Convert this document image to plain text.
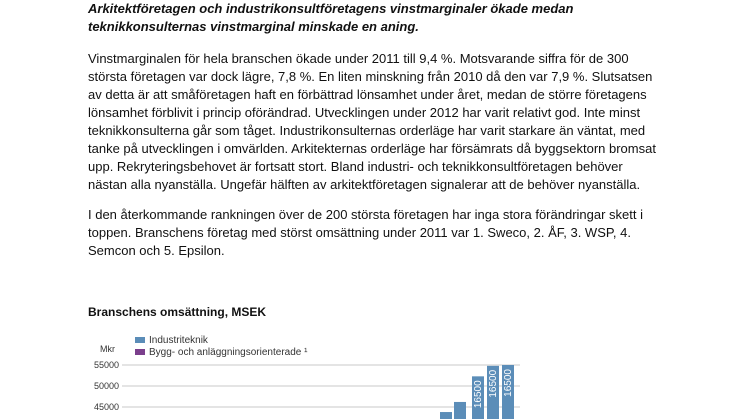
Arkitektföretagen och industrikonsultföretagens vinstmarginaler ökade medan teknikkonsulternas vinstmarginal minskade en aning.

Vinstmarginalen för hela branschen ökade under 2011 till 9,4 %. Motsvarande siffra för de 300 största företagen var dock lägre, 7,8 %. En liten minskning från 2010 då den var 7,9 %. Slutsatsen av detta är att småföretagen haft en förbättrad lönsamhet under året, medan de större företagens lönsamhet förblivit i princip oförändrad. Utvecklingen under 2012 har varit relativt god. Inte minst teknikkonsulterna går som tåget. Industrikonsulternas orderläge har varit starkare än väntat, med tanke på utvecklingen i omvärlden. Arkitekternas orderläge har försämrats då byggsektorn bromsat upp. Rekryteringsbehovet är fortsatt stort. Bland industri- och teknikkonsultföretagen behöver nästan alla nyanställa. Ungefär hälften av arkitektföretagen signalerar att de behöver nyanställa.

I den återkommande rankningen över de 200 största företagen har inga stora förändringar skett i toppen. Branschens företag med störst omsättning under 2011 var 1. Sweco, 2. ÅF, 3. WSP, 4. Semcon och 5. Epsilon.

Branschens omsättning, MSEK

Industriteknik
Bygg- och anläggningsorienterade ¹
Mkr
55000
50000
45000	16500 16500 16500
